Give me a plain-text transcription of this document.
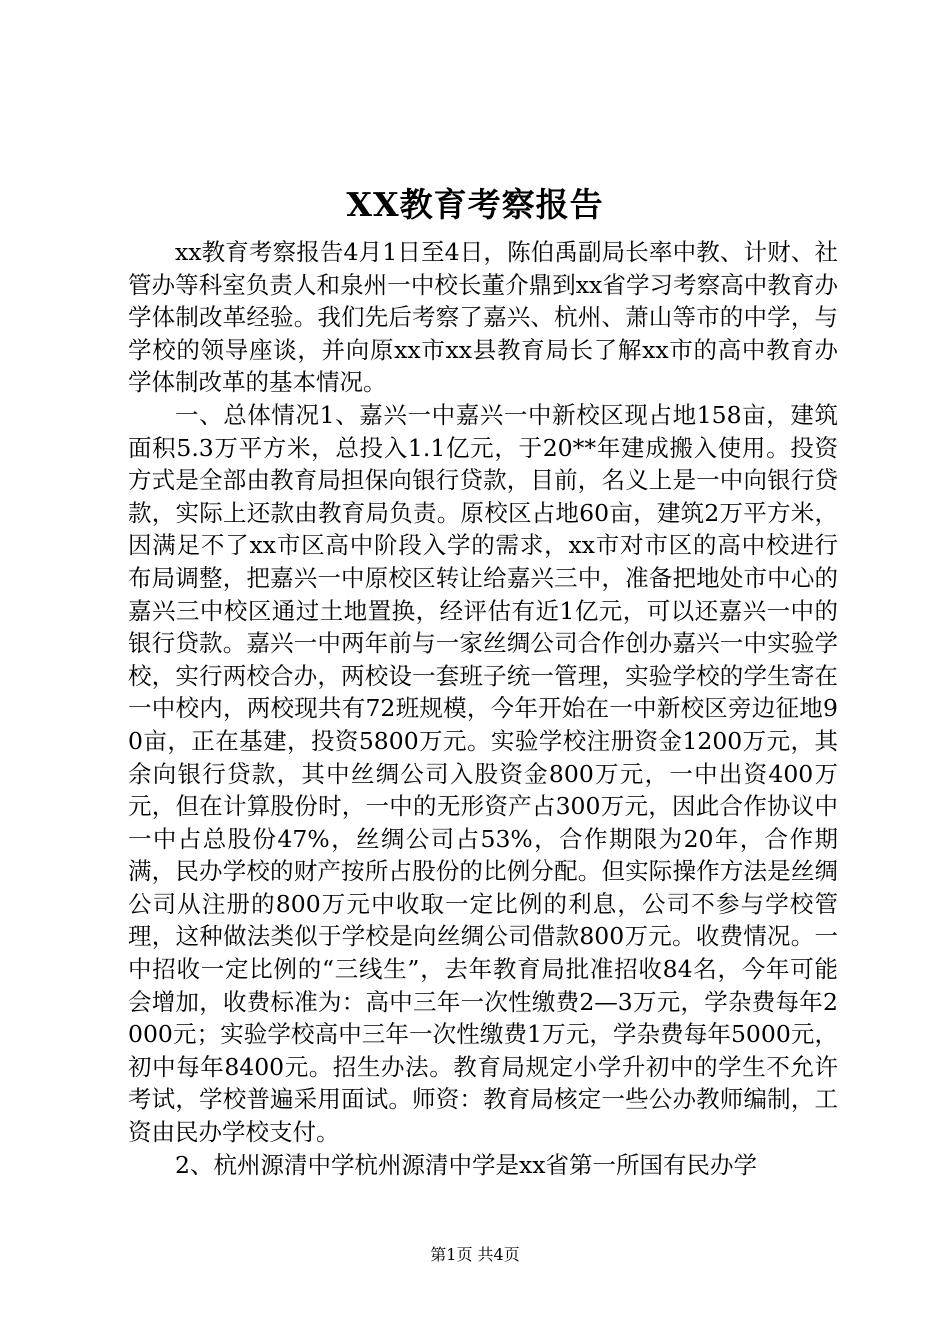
XX教育考察报告

xx教育考察报告4月1日至4日，陈伯禹副局长率中教、计财、社管办等科室负责人和泉州一中校长董介鼎到xx省学习考察高中教育办学体制改革经验。我们先后考察了嘉兴、杭州、萧山等市的中学，与学校的领导座谈，并向原xx市xx县教育局长了解xx市的高中教育办学体制改革的基本情况。

一、总体情况1、嘉兴一中嘉兴一中新校区现占地158亩，建筑面积5.3万平方米，总投入1.1亿元，于20**年建成搬入使用。投资方式是全部由教育局担保向银行贷款，目前，名义上是一中向银行贷款，实际上还款由教育局负责。原校区占地60亩，建筑2万平方米，因满足不了xx市区高中阶段入学的需求，xx市对市区的高中校进行布局调整，把嘉兴一中原校区转让给嘉兴三中，准备把地处市中心的嘉兴三中校区通过土地置换，经评估有近1亿元，可以还嘉兴一中的银行贷款。嘉兴一中两年前与一家丝绸公司合作创办嘉兴一中实验学校，实行两校合办，两校设一套班子统一管理，实验学校的学生寄在一中校内，两校现共有72班规模，今年开始在一中新校区旁边征地90亩，正在基建，投资5800万元。实验学校注册资金1200万元，其余向银行贷款，其中丝绸公司入股资金800万元，一中出资400万元，但在计算股份时，一中的无形资产占300万元，因此合作协议中一中占总股份47%，丝绸公司占53%，合作期限为20年，合作期满，民办学校的财产按所占股份的比例分配。但实际操作方法是丝绸公司从注册的800万元中收取一定比例的利息，公司不参与学校管理，这种做法类似于学校是向丝绸公司借款800万元。收费情况。一中招收一定比例的“三线生”，去年教育局批准招收84名，今年可能会增加，收费标准为：高中三年一次性缴费2—3万元，学杂费每年2000元；实验学校高中三年一次性缴费1万元，学杂费每年5000元，初中每年8400元。招生办法。教育局规定小学升初中的学生不允许考试，学校普遍采用面试。师资：教育局核定一些公办教师编制，工资由民办学校支付。

2、杭州源清中学杭州源清中学是xx省第一所国有民办学

第1页 共4页
